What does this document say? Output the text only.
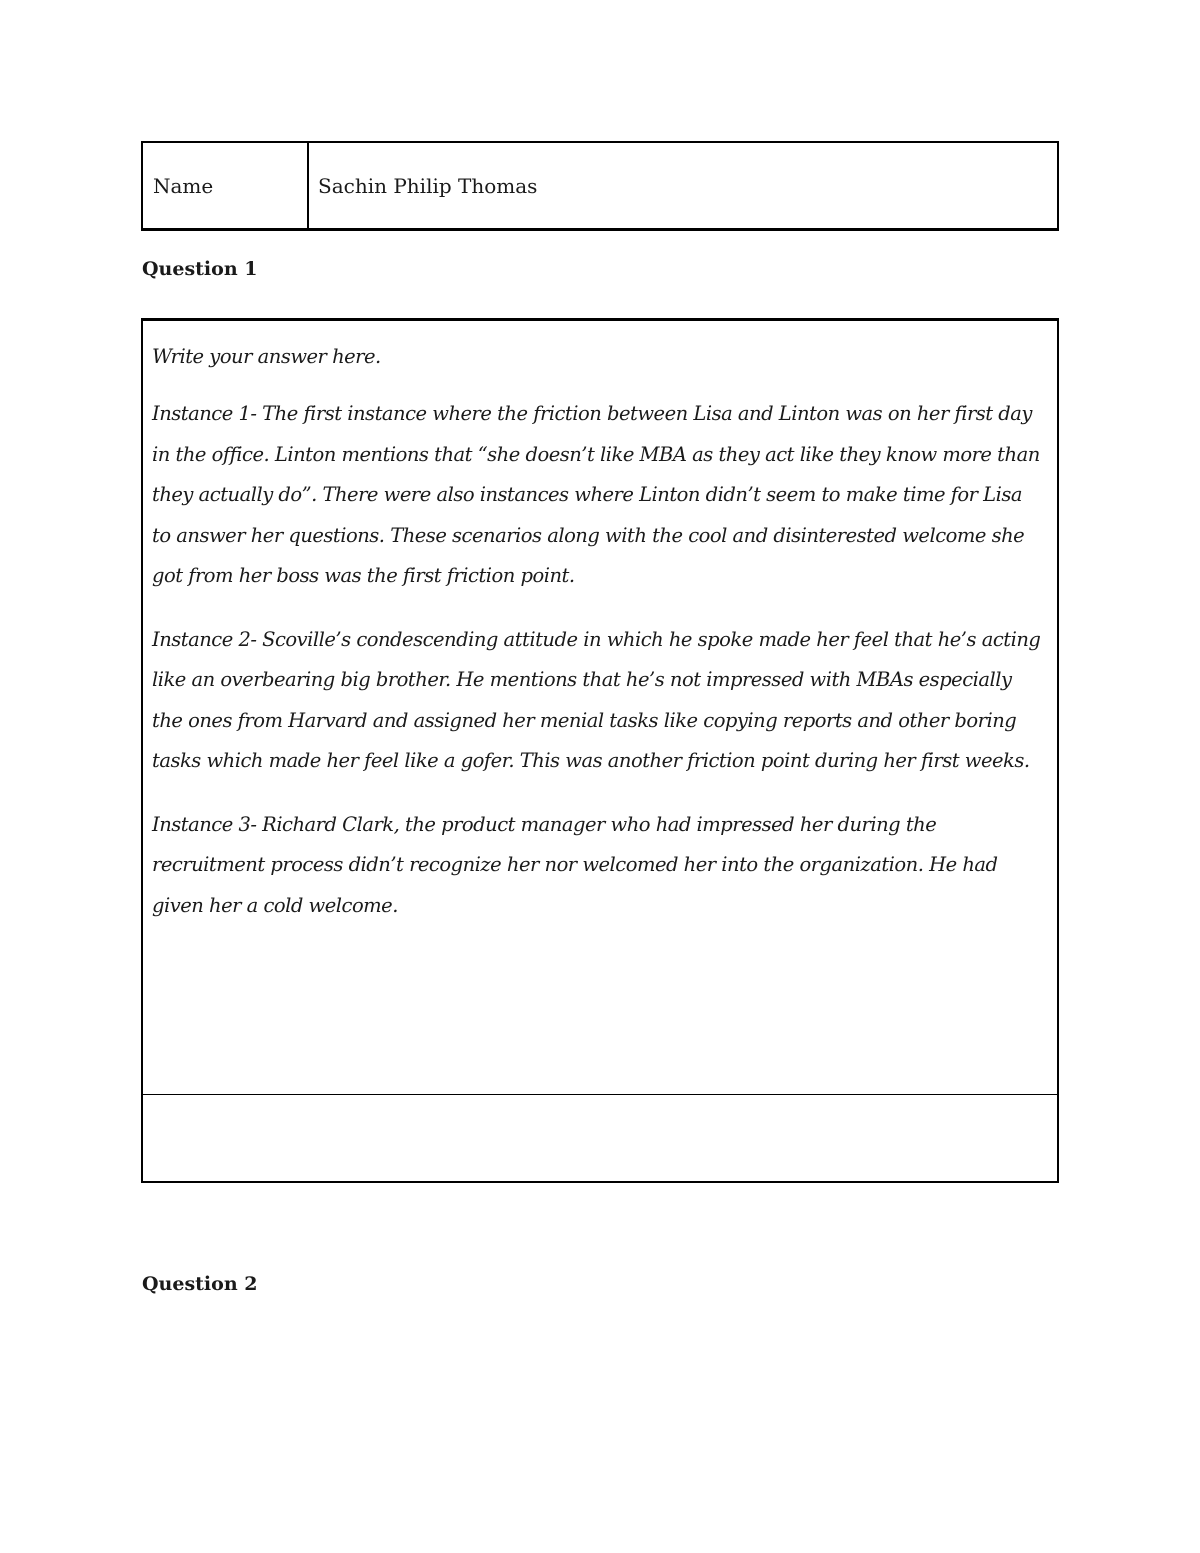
Name	Sachin Philip Thomas
Question 1

Write your answer here.

Instance 1- The first instance where the friction between Lisa and Linton was on her first day in the office. Linton mentions that “she doesn’t like MBA as they act like they know more than they actually do”. There were also instances where Linton didn’t seem to make time for Lisa to answer her questions. These scenarios along with the cool and disinterested welcome she got from her boss was the first friction point.

Instance 2- Scoville’s condescending attitude in which he spoke made her feel that he’s acting like an overbearing big brother. He mentions that he’s not impressed with MBAs especially the ones from Harvard and assigned her menial tasks like copying reports and other boring tasks which made her feel like a gofer. This was another friction point during her first weeks.

Instance 3- Richard Clark, the product manager who had impressed her during the recruitment process didn’t recognize her nor welcomed her into the organization. He had given her a cold welcome.

Question 2
